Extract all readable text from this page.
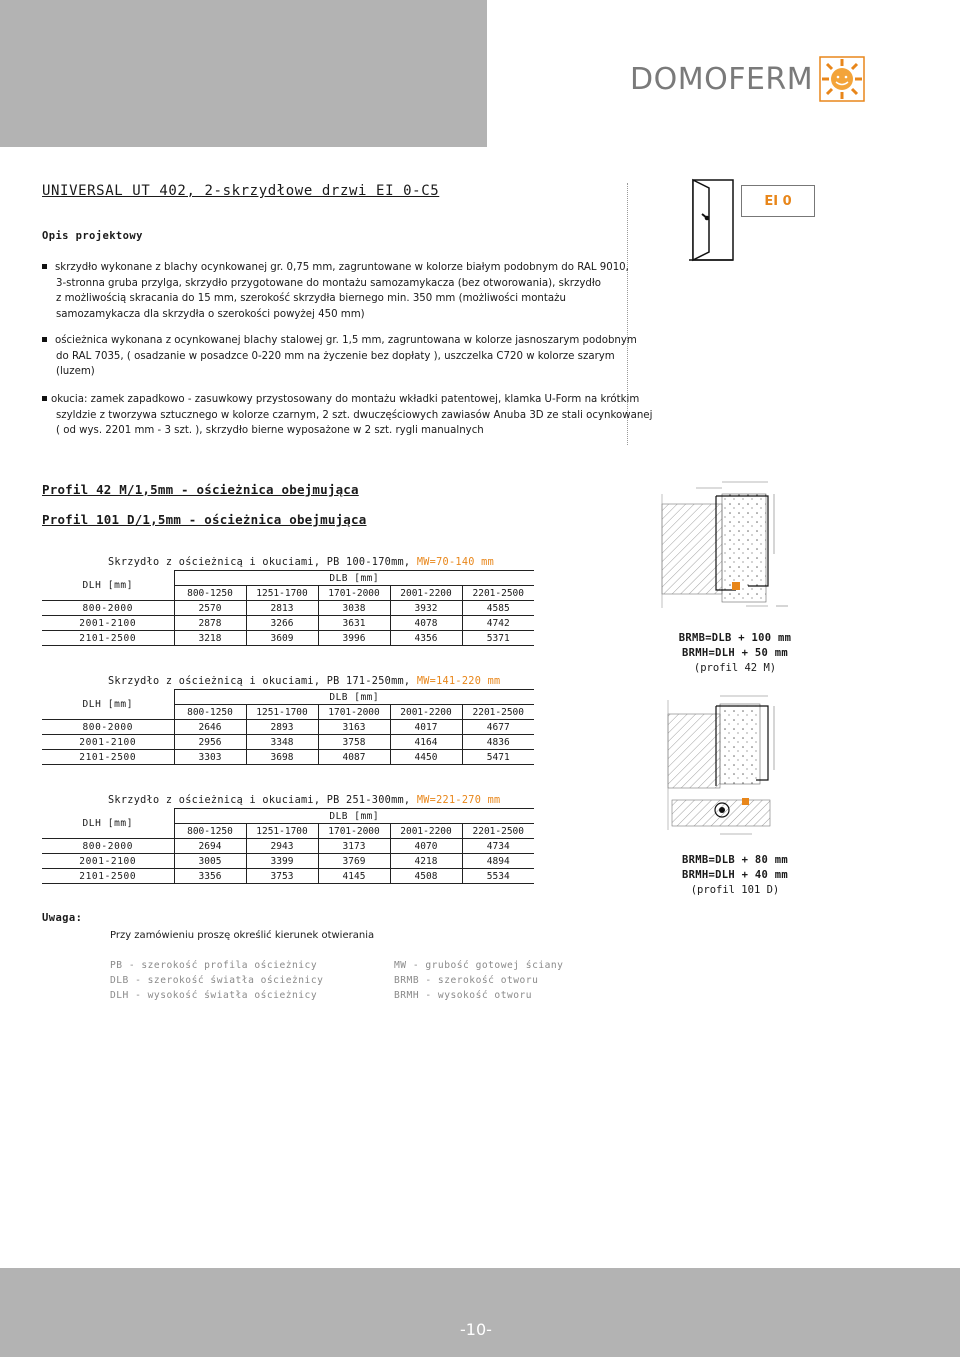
DOMOFERM
UNIVERSAL UT 402, 2-skrzydłowe drzwi EI 0-C5
Opis projektowy
EI 0
skrzydło wykonane z blachy ocynkowanej gr. 0,75 mm, zagruntowane w kolorze białym podobnym do RAL 9010,
3-stronna gruba przylga, skrzydło przygotowane do montażu samozamykacza (bez otworowania), skrzydło
z możliwością skracania do 15 mm, szerokość skrzydła biernego min. 350 mm (możliwości montażu
samozamykacza dla skrzydła o szerokości powyżej 450 mm)
ościeżnica wykonana z ocynkowanej blachy stalowej gr. 1,5 mm, zagruntowana w kolorze jasnoszarym podobnym
do RAL 7035, ( osadzanie w posadzce 0-220 mm na życzenie bez dopłaty ), uszczelka C720 w kolorze szarym
(luzem)
okucia: zamek zapadkowo - zasuwkowy przystosowany do montażu wkładki patentowej, klamka U-Form na krótkim
szyldzie z tworzywa sztucznego w kolorze czarnym, 2 szt. dwuczęściowych zawiasów Anuba 3D ze stali ocynkowanej
( od wys. 2201 mm - 3 szt. ), skrzydło bierne wyposażone w 2 szt. rygli manualnych
Profil 42 M/1,5mm - ościeżnica obejmująca
Profil 101 D/1,5mm - ościeżnica obejmująca
Skrzydło z ościeżnicą i okuciami, PB 100-170mm, MW=70-140 mm
DLH [mm]	DLB [mm]				
	800-1250	1251-1700	1701-2000	2001-2200	2201-2500
800-2000	2570	2813	3038	3932	4585
2001-2100	2878	3266	3631	4078	4742
2101-2500	3218	3609	3996	4356	5371
Skrzydło z ościeżnicą i okuciami, PB 171-250mm, MW=141-220 mm
DLH [mm]	DLB [mm]				
	800-1250	1251-1700	1701-2000	2001-2200	2201-2500
800-2000	2646	2893	3163	4017	4677
2001-2100	2956	3348	3758	4164	4836
2101-2500	3303	3698	4087	4450	5471
Skrzydło z ościeżnicą i okuciami, PB 251-300mm, MW=221-270 mm
DLH [mm]	DLB [mm]				
	800-1250	1251-1700	1701-2000	2001-2200	2201-2500
800-2000	2694	2943	3173	4070	4734
2001-2100	3005	3399	3769	4218	4894
2101-2500	3356	3753	4145	4508	5534
BRMB=DLB + 100 mm
BRMH=DLH + 50 mm
(profil 42 M)
BRMB=DLB + 80 mm
BRMH=DLH + 40 mm
(profil 101 D)
Uwaga:
Przy zamówieniu proszę określić kierunek otwierania
PB - szerokość profila ościeżnicy
DLB - szerokość światła ościeżnicy
DLH - wysokość światła ościeżnicy
MW - grubość gotowej ściany
BRMB - szerokość otworu
BRMH - wysokość otworu
-10-
